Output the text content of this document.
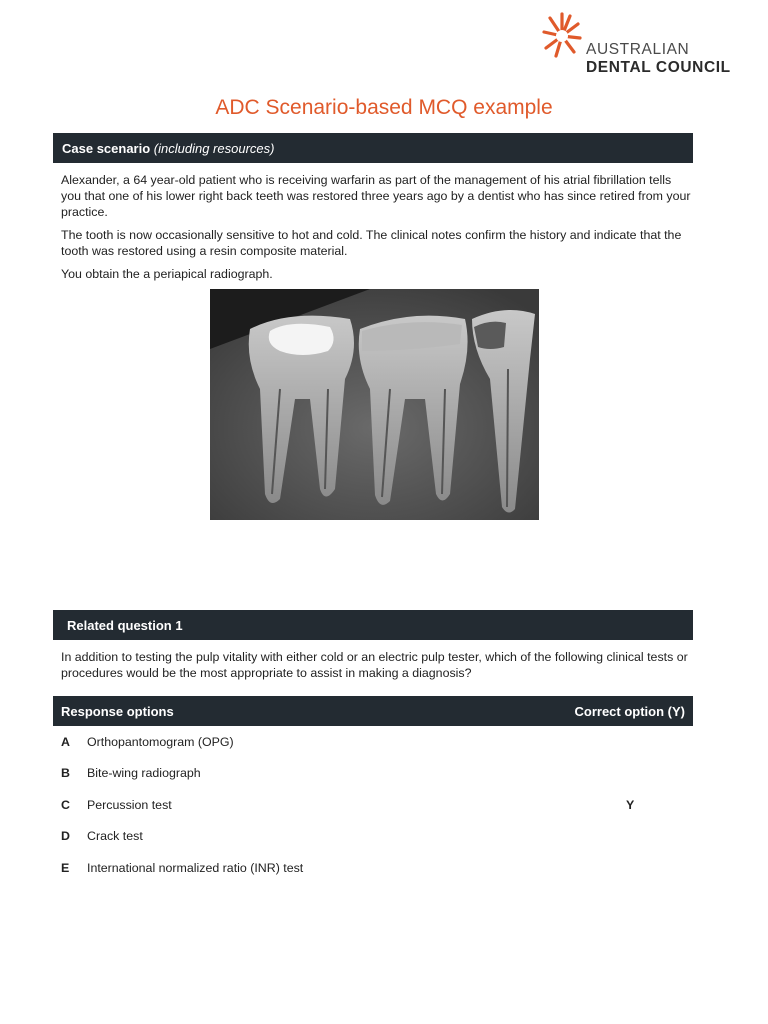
AUSTRALIAN
DENTAL COUNCIL
ADC Scenario-based MCQ example
Case scenario (including resources)

Alexander, a 64 year-old patient who is receiving warfarin as part of the management of his atrial fibrillation tells you that one of his lower right back teeth was restored three years ago by a dentist who has since retired from your practice.

The tooth is now occasionally sensitive to hot and cold. The clinical notes confirm the history and indicate that the tooth was restored using a resin composite material.

You obtain the a periapical radiograph.

Related question 1

In addition to testing the pulp vitality with either cold or an electric pulp tester, which of the following clinical tests or procedures would be the most appropriate to assist in making a diagnosis?

Response options	Correct option (Y)
A Orthopantomogram (OPG)
B Bite-wing radiograph
C Percussion test	Y
D Crack test
E International normalized ratio (INR) test
